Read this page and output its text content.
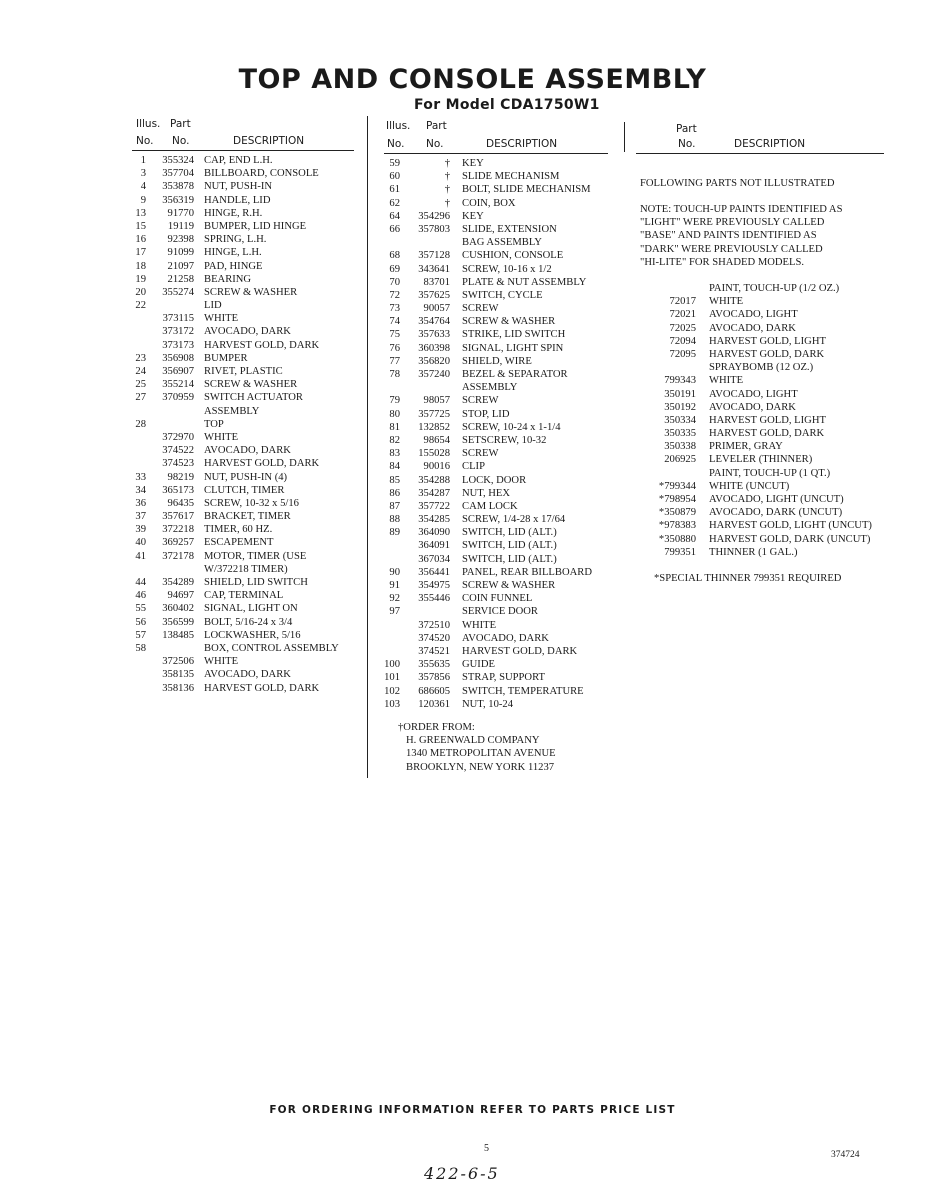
TOP AND CONSOLE ASSEMBLY
For Model CDA1750W1
Illus. Part
No. No.	DESCRIPTION
Illus. Part
No. No.	DESCRIPTION
Part
No.	DESCRIPTION
1 355324 CAP, END L.H.
3 357704 BILLBOARD, CONSOLE
4 353878 NUT, PUSH-IN
9 356319 HANDLE, LID
13 91770 HINGE, R.H.
15 19119 BUMPER, LID HINGE
16 92398 SPRING, L.H.
17 91099 HINGE, L.H.
18 21097 PAD, HINGE
19 21258 BEARING
20 355274 SCREW & WASHER
22	LID
373115 WHITE
373172 AVOCADO, DARK
373173 HARVEST GOLD, DARK
23 356908 BUMPER
24 356907 RIVET, PLASTIC
25 355214 SCREW & WASHER
27 370959 SWITCH ACTUATOR
ASSEMBLY
28	TOP
372970 WHITE
374522 AVOCADO, DARK
374523 HARVEST GOLD, DARK
33 98219 NUT, PUSH-IN (4)
34 365173 CLUTCH, TIMER
36 96435 SCREW, 10-32 x 5/16
37 357617 BRACKET, TIMER
39 372218 TIMER, 60 HZ.
40 369257 ESCAPEMENT
41 372178 MOTOR, TIMER (USE
W/372218 TIMER)
44 354289 SHIELD, LID SWITCH
46 94697 CAP, TERMINAL
55 360402 SIGNAL, LIGHT ON
56 356599 BOLT, 5/16-24 x 3/4
57 138485 LOCKWASHER, 5/16
58	BOX, CONTROL ASSEMBLY
372506 WHITE
358135 AVOCADO, DARK
358136 HARVEST GOLD, DARK
59	† KEY
60	† SLIDE MECHANISM
61	† BOLT, SLIDE MECHANISM
62	† COIN, BOX
64 354296 KEY
66 357803 SLIDE, EXTENSION
BAG ASSEMBLY
68 357128 CUSHION, CONSOLE
69 343641 SCREW, 10-16 x 1/2
70 83701 PLATE & NUT ASSEMBLY
72 357625 SWITCH, CYCLE
73 90057 SCREW
74 354764 SCREW & WASHER
75 357633 STRIKE, LID SWITCH
76 360398 SIGNAL, LIGHT SPIN
77 356820 SHIELD, WIRE
78 357240 BEZEL & SEPARATOR
ASSEMBLY
79 98057 SCREW
80 357725 STOP, LID
81 132852 SCREW, 10-24 x 1-1/4
82 98654 SETSCREW, 10-32
83 155028 SCREW
84 90016 CLIP
85 354288 LOCK, DOOR
86 354287 NUT, HEX
87 357722 CAM LOCK
88 354285 SCREW, 1/4-28 x 17/64
89 364090 SWITCH, LID (ALT.)
364091 SWITCH, LID (ALT.)
367034 SWITCH, LID (ALT.)
90 356441 PANEL, REAR BILLBOARD
91 354975 SCREW & WASHER
92 355446 COIN FUNNEL
97	SERVICE DOOR
372510 WHITE
374520 AVOCADO, DARK
374521 HARVEST GOLD, DARK
100 355635 GUIDE
101 357856 STRAP, SUPPORT
102 686605 SWITCH, TEMPERATURE
103 120361 NUT, 10-24
†ORDER FROM:
H. GREENWALD COMPANY
1340 METROPOLITAN AVENUE
BROOKLYN, NEW YORK 11237
FOLLOWING PARTS NOT ILLUSTRATED
NOTE: TOUCH-UP PAINTS IDENTIFIED AS
"LIGHT" WERE PREVIOUSLY CALLED
"BASE" AND PAINTS IDENTIFIED AS
"DARK" WERE PREVIOUSLY CALLED
"HI-LITE" FOR SHADED MODELS.
PAINT, TOUCH-UP (1/2 OZ.)
72017 WHITE
72021 AVOCADO, LIGHT
72025 AVOCADO, DARK
72094 HARVEST GOLD, LIGHT
72095 HARVEST GOLD, DARK
SPRAYBOMB (12 OZ.)
799343 WHITE
350191 AVOCADO, LIGHT
350192 AVOCADO, DARK
350334 HARVEST GOLD, LIGHT
350335 HARVEST GOLD, DARK
350338 PRIMER, GRAY
206925 LEVELER (THINNER)
PAINT, TOUCH-UP (1 QT.)
*799344 WHITE (UNCUT)
*798954 AVOCADO, LIGHT (UNCUT)
*350879 AVOCADO, DARK (UNCUT)
*978383 HARVEST GOLD, LIGHT (UNCUT)
*350880 HARVEST GOLD, DARK (UNCUT)
799351 THINNER (1 GAL.)
*SPECIAL THINNER 799351 REQUIRED
FOR ORDERING INFORMATION REFER TO PARTS PRICE LIST
5
374724
422-6-5
